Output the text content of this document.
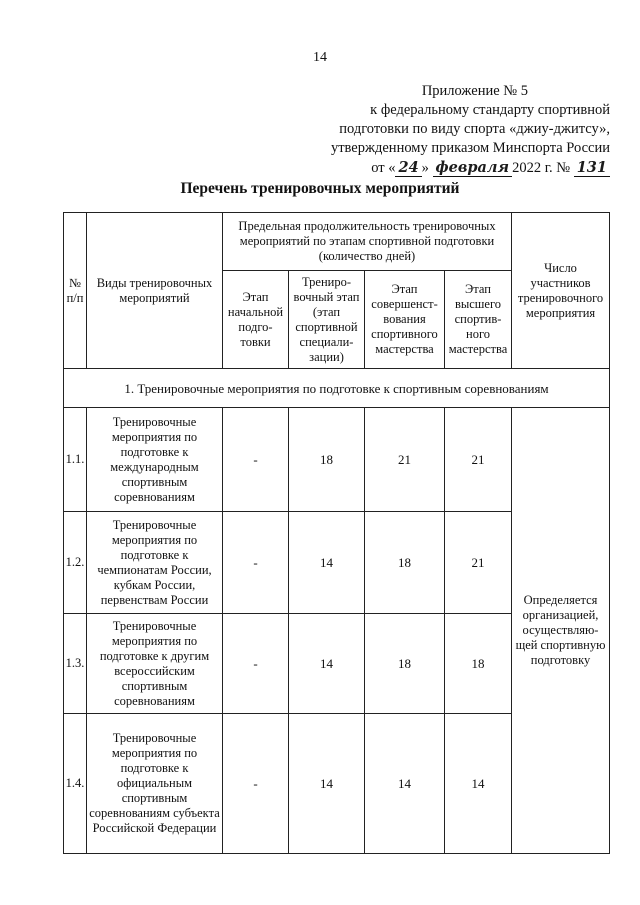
14
Приложение № 5
к федеральному стандарту спортивной
подготовки по виду спорта «джиу-джитсу»,
утвержденному приказом Минспорта России
от « 24 » февраля 2022 г. № 131
Перечень тренировочных мероприятий
№ п/п	Виды тренировочных мероприятий	Предельная продолжительность тренировочных мероприятий по этапам спортивной подготовки (количество дней)				Число участников тренировочного мероприятия
		Этап начальной подго-товки	Трениро-вочный этап (этап спортивной специали-зации)	Этап совершенст-вования спортивного мастерства	Этап высшего спортив-ного мастерства	
1. Тренировочные мероприятия по подготовке к спортивным соревнованиям						
1.1.	Тренировочные мероприятия по подготовке к международным спортивным соревнованиям	-	18	21	21	Определяется организацией, осуществляю-щей спортивную подготовку
1.2.	Тренировочные мероприятия по подготовке к чемпионатам России, кубкам России, первенствам России	-	14	18	21	
1.3.	Тренировочные мероприятия по подготовке к другим всероссийским спортивным соревнованиям	-	14	18	18	
1.4.	Тренировочные мероприятия по подготовке к официальным спортивным соревнованиям субъекта Российской Федерации	-	14	14	14	
